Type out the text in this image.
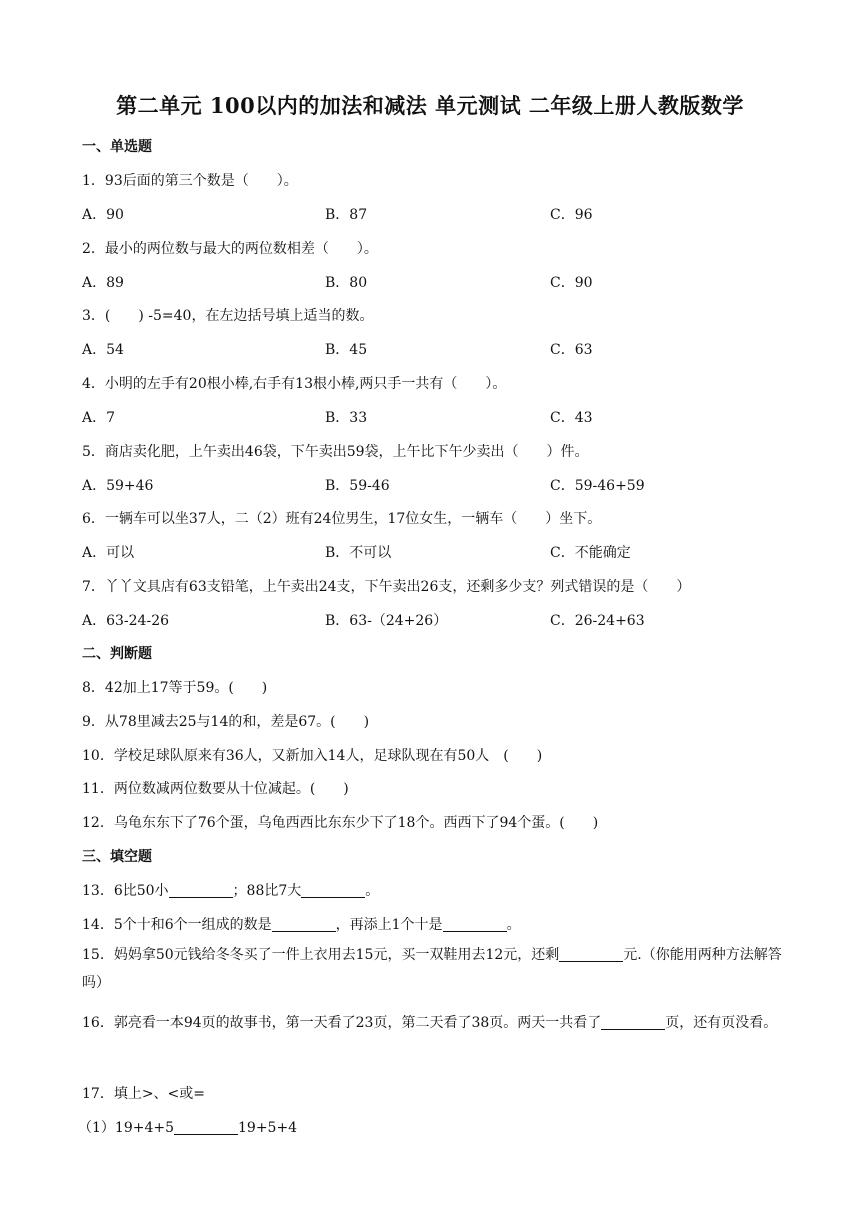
第二单元 100以内的加法和减法 单元测试 二年级上册人教版数学
一、单选题
1．93后面的第三个数是（　　）。
A．90	B．87	C．96
2．最小的两位数与最大的两位数相差（　　）。
A．89	B．80	C．90
3．(　　) -5=40，在左边括号填上适当的数。
A．54	B．45	C．63
4．小明的左手有20根小棒,右手有13根小棒,两只手一共有（　　）。
A．7	B．33	C．43
5．商店卖化肥，上午卖出46袋，下午卖出59袋，上午比下午少卖出（　　）件。
A．59+46	B．59-46	C．59-46+59
6．一辆车可以坐37人，二（2）班有24位男生，17位女生，一辆车（　　）坐下。
A．可以	B．不可以	C．不能确定
7．丫丫文具店有63支铅笔，上午卖出24支，下午卖出26支，还剩多少支？列式错误的是（　　）
A．63-24-26	B．63-（24+26）	C．26-24+63
二、判断题
8．42加上17等于59。(　　)
9．从78里减去25与14的和，差是67。(　　)
10．学校足球队原来有36人，又新加入14人，足球队现在有50人　(　　)
11．两位数减两位数要从十位减起。(　　)
12．乌龟东东下了76个蛋，乌龟西西比东东少下了18个。西西下了94个蛋。(　　)
三、填空题
13．6比50小	；88比7大	。
14．5个十和6个一组成的数是	，再添上1个十是	。
15．妈妈拿50元钱给冬冬买了一件上衣用去15元，买一双鞋用去12元，还剩	元.（你能用两种方法解答吗）
16．郭亮看一本94页的故事书，第一天看了23页，第二天看了38页。两天一共看了	页，还有页没看。
17．填上>、<或=
（1）19+4+5	19+5+4
